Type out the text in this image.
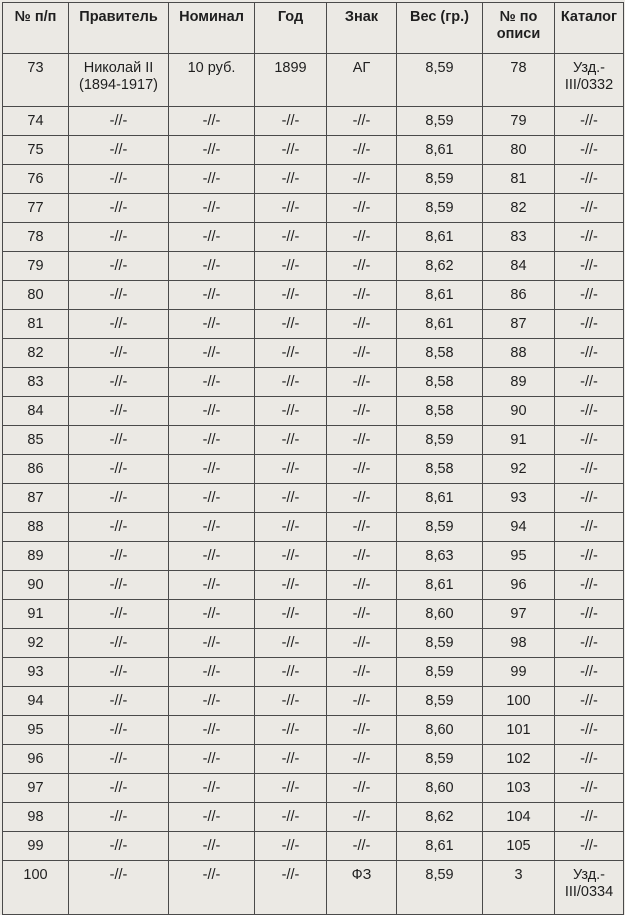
№ п/п	Правитель	Номинал	Год	Знак	Вес (гр.)	№ по описи	Каталог
73	Николай II (1894-1917)	10 руб.	1899	АГ	8,59	78	Узд.- III/0332
74	-//-	-//-	-//-	-//-	8,59	79	-//-
75	-//-	-//-	-//-	-//-	8,61	80	-//-
76	-//-	-//-	-//-	-//-	8,59	81	-//-
77	-//-	-//-	-//-	-//-	8,59	82	-//-
78	-//-	-//-	-//-	-//-	8,61	83	-//-
79	-//-	-//-	-//-	-//-	8,62	84	-//-
80	-//-	-//-	-//-	-//-	8,61	86	-//-
81	-//-	-//-	-//-	-//-	8,61	87	-//-
82	-//-	-//-	-//-	-//-	8,58	88	-//-
83	-//-	-//-	-//-	-//-	8,58	89	-//-
84	-//-	-//-	-//-	-//-	8,58	90	-//-
85	-//-	-//-	-//-	-//-	8,59	91	-//-
86	-//-	-//-	-//-	-//-	8,58	92	-//-
87	-//-	-//-	-//-	-//-	8,61	93	-//-
88	-//-	-//-	-//-	-//-	8,59	94	-//-
89	-//-	-//-	-//-	-//-	8,63	95	-//-
90	-//-	-//-	-//-	-//-	8,61	96	-//-
91	-//-	-//-	-//-	-//-	8,60	97	-//-
92	-//-	-//-	-//-	-//-	8,59	98	-//-
93	-//-	-//-	-//-	-//-	8,59	99	-//-
94	-//-	-//-	-//-	-//-	8,59	100	-//-
95	-//-	-//-	-//-	-//-	8,60	101	-//-
96	-//-	-//-	-//-	-//-	8,59	102	-//-
97	-//-	-//-	-//-	-//-	8,60	103	-//-
98	-//-	-//-	-//-	-//-	8,62	104	-//-
99	-//-	-//-	-//-	-//-	8,61	105	-//-
100	-//-	-//-	-//-	ФЗ	8,59	3	Узд.- III/0334
